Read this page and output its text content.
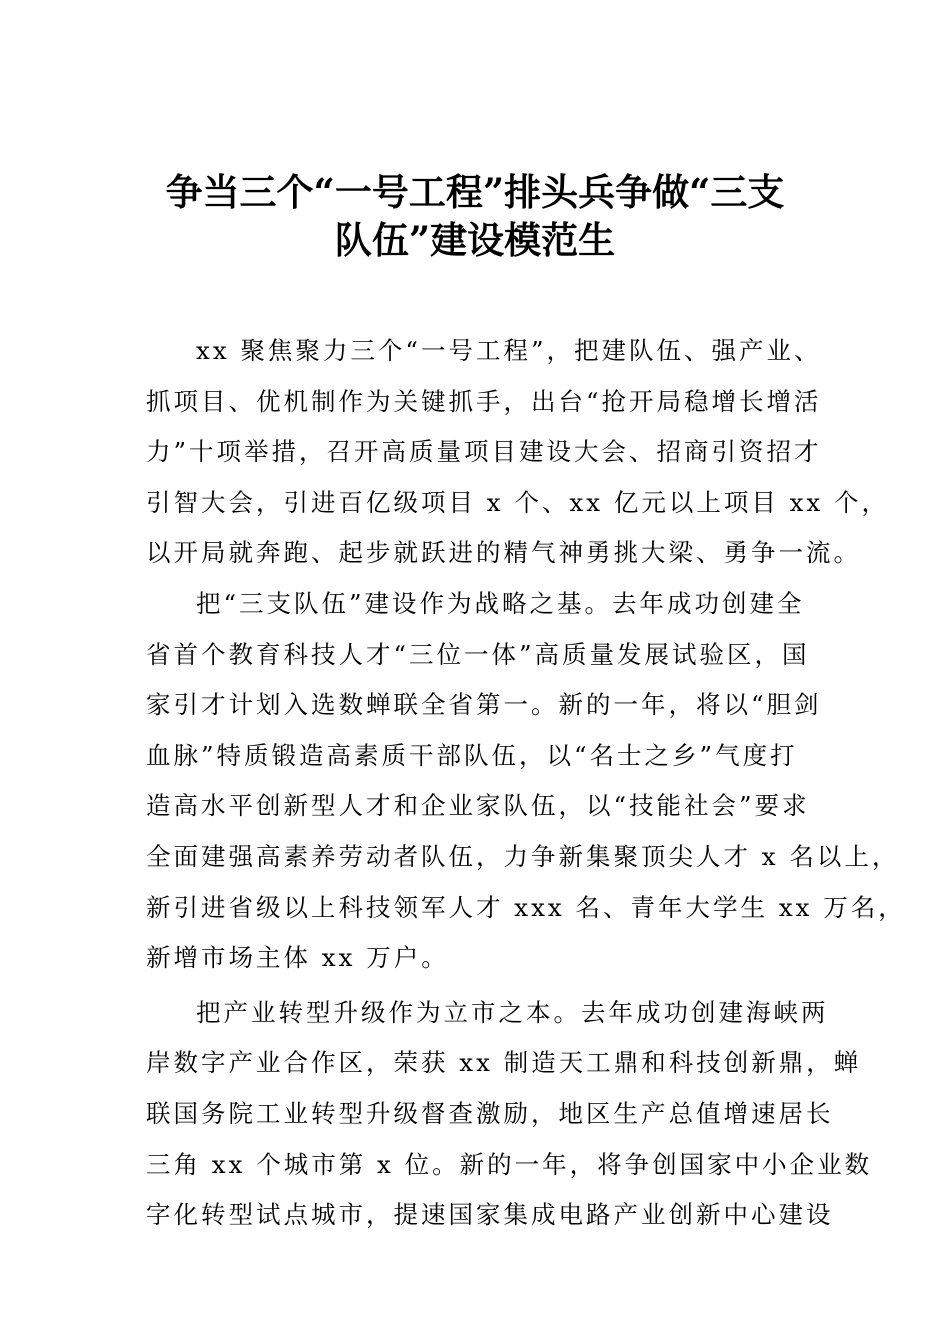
争当三个“一号工程”排头兵争做“三支
队伍”建设模范生
xx 聚焦聚力三个“一号工程”，把建队伍、强产业、
抓项目、优机制作为关键抓手，出台“抢开局稳增长增活
力”十项举措，召开高质量项目建设大会、招商引资招才
引智大会，引进百亿级项目 x 个、xx 亿元以上项目 xx 个，
以开局就奔跑、起步就跃进的精气神勇挑大梁、勇争一流。
把“三支队伍”建设作为战略之基。去年成功创建全
省首个教育科技人才“三位一体”高质量发展试验区，国
家引才计划入选数蝉联全省第一。新的一年，将以“胆剑
血脉”特质锻造高素质干部队伍，以“名士之乡”气度打
造高水平创新型人才和企业家队伍，以“技能社会”要求
全面建强高素养劳动者队伍，力争新集聚顶尖人才 x 名以上，
新引进省级以上科技领军人才 xxx 名、青年大学生 xx 万名，
新增市场主体 xx 万户。
把产业转型升级作为立市之本。去年成功创建海峡两
岸数字产业合作区，荣获 xx 制造天工鼎和科技创新鼎，蝉
联国务院工业转型升级督查激励，地区生产总值增速居长
三角 xx 个城市第 x 位。新的一年，将争创国家中小企业数
字化转型试点城市，提速国家集成电路产业创新中心建设
